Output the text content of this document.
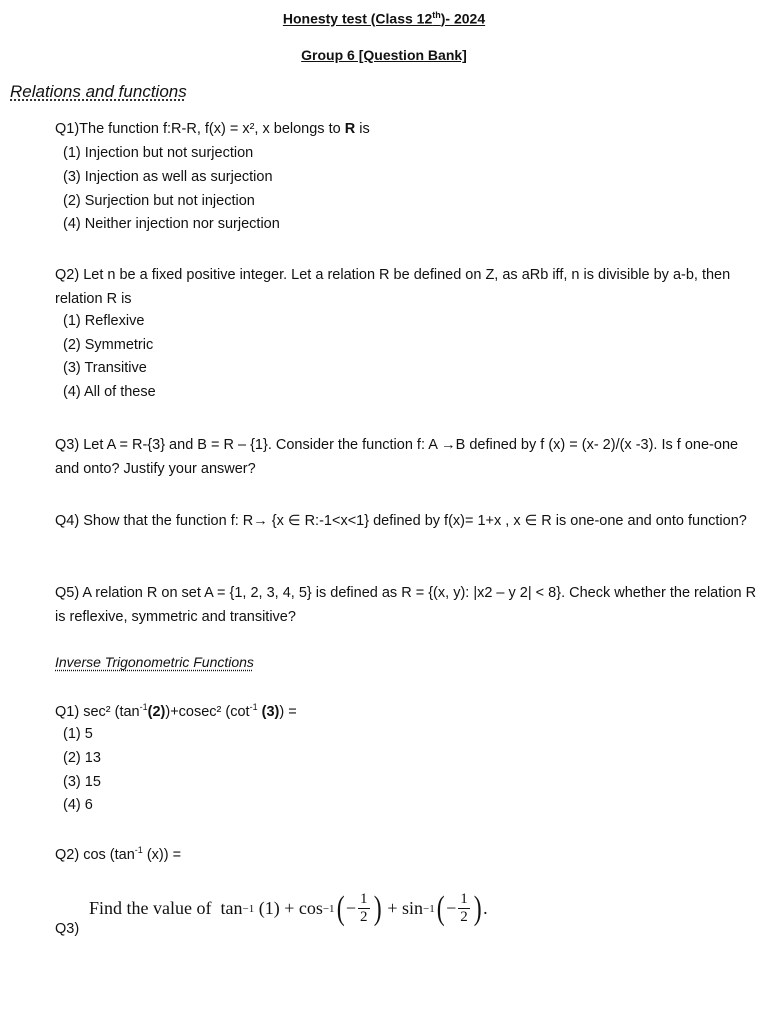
Honesty test (Class 12th)- 2024
Group 6 [Question Bank]
Relations and functions
Q1)The function f:R-R, f(x) = x², x belongs to R is
(1) Injection but not surjection
(3) Injection as well as surjection
(2) Surjection but not injection
(4) Neither injection nor surjection
Q2) Let n be a fixed positive integer. Let a relation R be defined on Z, as aRb iff, n is divisible by a-b, then relation R is
(1) Reflexive
(2) Symmetric
(3) Transitive
(4) All of these
Q3) Let A = R-{3} and B = R – {1}. Consider the function f: A →B defined by f (x) = (x- 2)/(x -3). Is f one-one and onto? Justify your answer?
Q4) Show that the function f: R→ {x ∈ R:-1<x<1} defined by f(x)= 1+x , x ∈ R is one-one and onto function?
Q5) A relation R on set A = {1, 2, 3, 4, 5} is defined as R = {(x, y): |x2 – y 2| < 8}. Check whether the relation R is reflexive, symmetric and transitive?
Inverse Trigonometric Functions
Q1) sec² $(\tan^{-1}(2))+cosec^2$ ($\cot^{-1}$ (3)) =
(1) 5
(2) 13
(3) 15
(4) 6
Q2) $\cos (\tan^{-1}$ (x)) =
Find the value of
tan −1
(1) + cos −1 ( − $\frac{1}{2}$ )
+ sin −1 ( − $\frac{1}{2}$ ) .
Q3)
